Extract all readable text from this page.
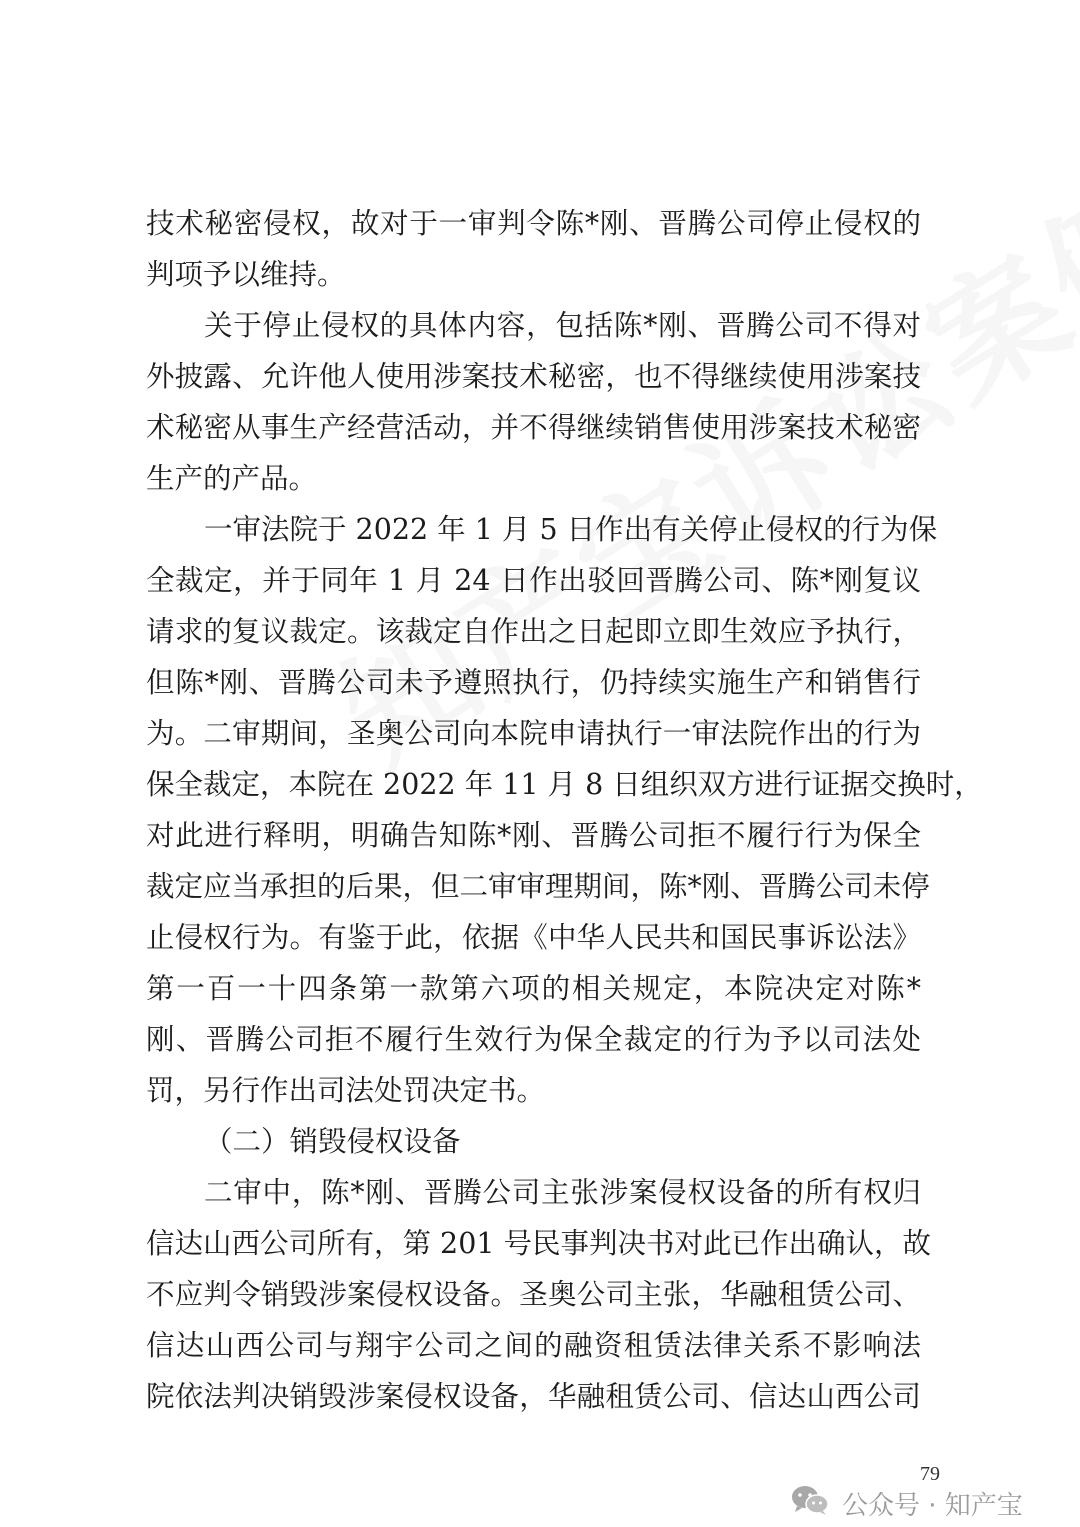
技术秘密侵权，故对于一审判令陈*刚、晋腾公司停止侵权的
判项予以维持。
关于停止侵权的具体内容，包括陈*刚、晋腾公司不得对
外披露、允许他人使用涉案技术秘密，也不得继续使用涉案技
术秘密从事生产经营活动，并不得继续销售使用涉案技术秘密
生产的产品。
一审法院于 2022 年 1 月 5 日作出有关停止侵权的行为保
全裁定，并于同年 1 月 24 日作出驳回晋腾公司、陈*刚复议
请求的复议裁定。该裁定自作出之日起即立即生效应予执行，
但陈*刚、晋腾公司未予遵照执行，仍持续实施生产和销售行
为。二审期间，圣奥公司向本院申请执行一审法院作出的行为
保全裁定，本院在 2022 年 11 月 8 日组织双方进行证据交换时，
对此进行释明，明确告知陈*刚、晋腾公司拒不履行行为保全
裁定应当承担的后果，但二审审理期间，陈*刚、晋腾公司未停
止侵权行为。有鉴于此，依据《中华人民共和国民事诉讼法》
第一百一十四条第一款第六项的相关规定，本院决定对陈*
刚、晋腾公司拒不履行生效行为保全裁定的行为予以司法处
罚，另行作出司法处罚决定书。
（二）销毁侵权设备
二审中，陈*刚、晋腾公司主张涉案侵权设备的所有权归
信达山西公司所有，第 201 号民事判决书对此已作出确认，故
不应判令销毁涉案侵权设备。圣奥公司主张，华融租赁公司、
信达山西公司与翔宇公司之间的融资租赁法律关系不影响法
院依法判决销毁涉案侵权设备，华融租赁公司、信达山西公司
79
公众号 · 知产宝
